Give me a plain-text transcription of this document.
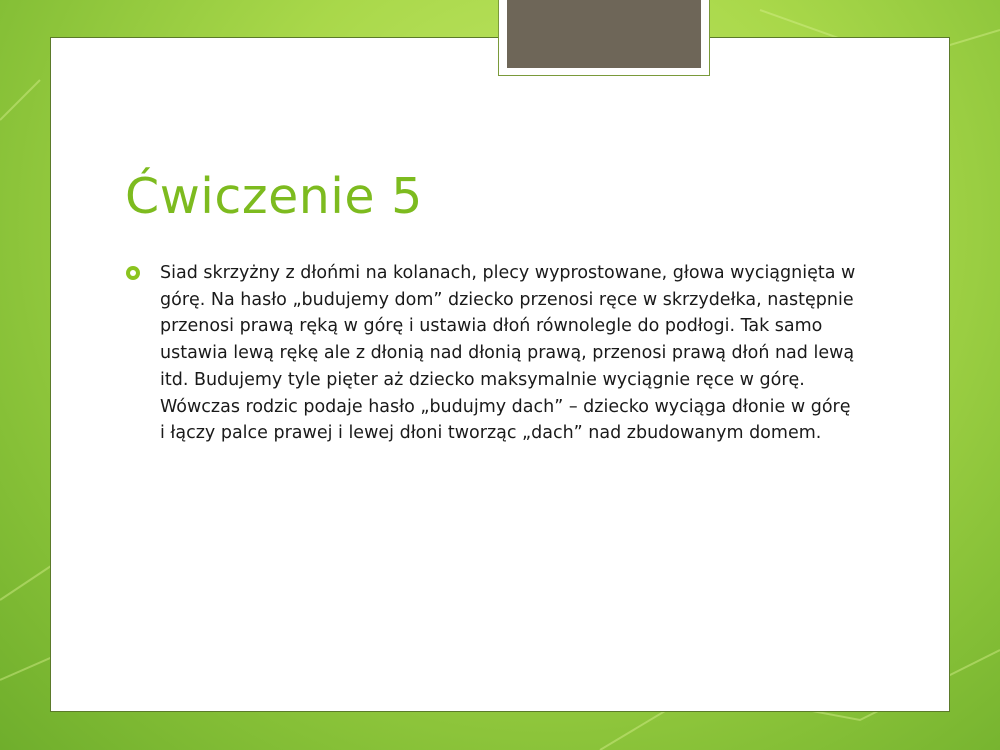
Ćwiczenie 5

Siad skrzyżny z dłońmi na kolanach, plecy wyprostowane, głowa wyciągnięta w górę. Na hasło „budujemy dom” dziecko przenosi ręce w skrzydełka, następnie przenosi prawą ręką w górę i ustawia dłoń równolegle do podłogi. Tak samo ustawia lewą rękę ale z dłonią nad dłonią prawą, przenosi prawą dłoń nad lewą itd. Budujemy tyle pięter aż dziecko maksymalnie wyciągnie ręce w górę. Wówczas rodzic podaje hasło „budujmy dach” – dziecko wyciąga dłonie w górę i łączy palce prawej i lewej dłoni tworząc „dach” nad zbudowanym domem.
